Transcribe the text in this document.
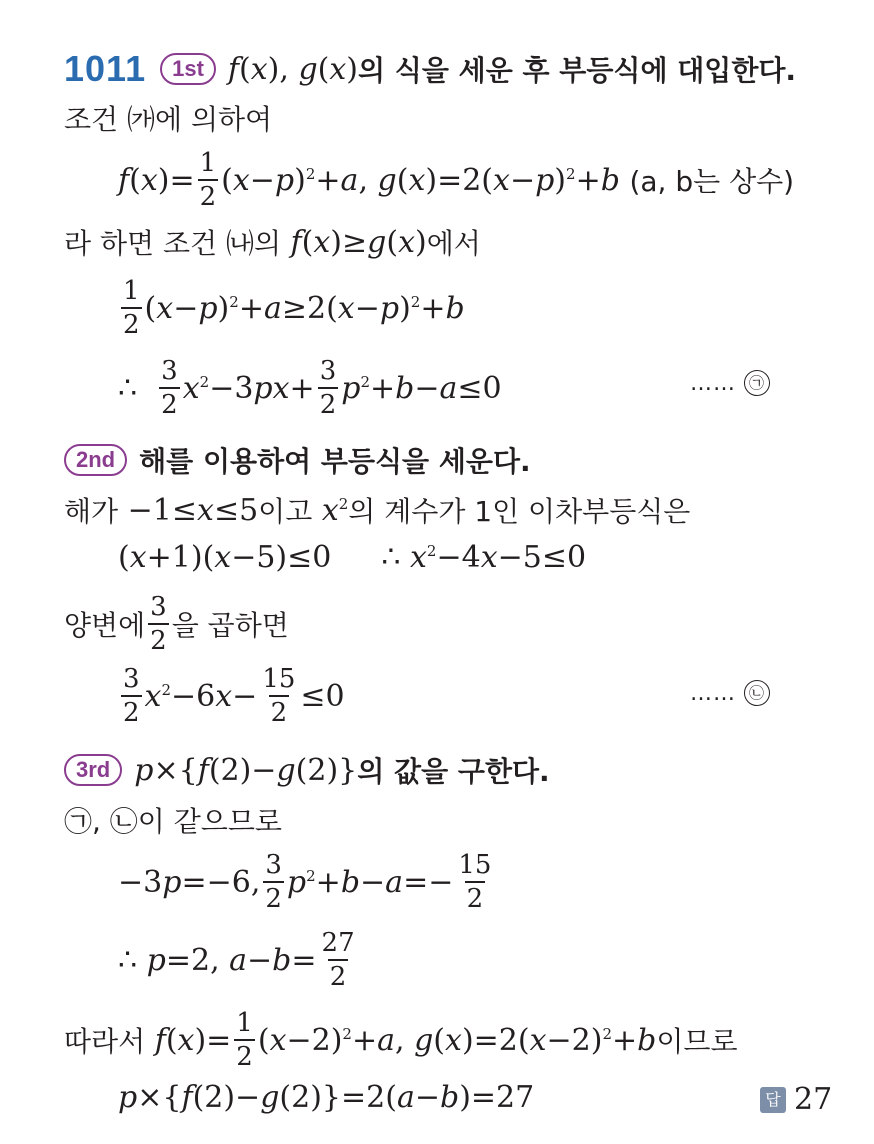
1011	1st f(x), g(x) 의 식을 세운 후 부등식에 대입한다.
조건 ㈎에 의하여
$f(x)= \frac{1}{2} (x-p)^2+a$, $g(x)=2(x-p)^2+b$ (a, b는 상수)
라 하면 조건 ㈏의 f(x)≥g(x) 에서
$\frac{1}{2} (x-p)^2+a\ge 2(x-p)^2+b$
∴ $\frac{3}{2} x^2-3px+ \frac{3}{2} p^2+b-a\le 0$	……
㉠
2nd 해를 이용하여 부등식을 세운다.
해가 −1≤x≤5 이고 $x^2$ 의 계수가 1인 이차부등식은
(x+1)(x−5)≤0 ∴ $x^2-4x-5\le 0$
양변에 $\frac{3}{2}$ 을 곱하면
$\frac{3}{2} x^2-6x- \frac{15}{2} \le 0$	……
㉡
3rd p×{f(2)−g(2)} 의 값을 구한다.
㉠, ㉡이 같으므로
−3p=−6, $\frac{3}{2} p^2+b-a=- \frac{15}{2}$
∴ p=2, $a-b= \frac{27}{2}$
따라서 $f(x)= \frac{1}{2} (x-2)^2+a$, $g(x)=2(x-2)^2+b$ 이므로
p×{f(2)−g(2)}=2(a−b)=27	답 27
